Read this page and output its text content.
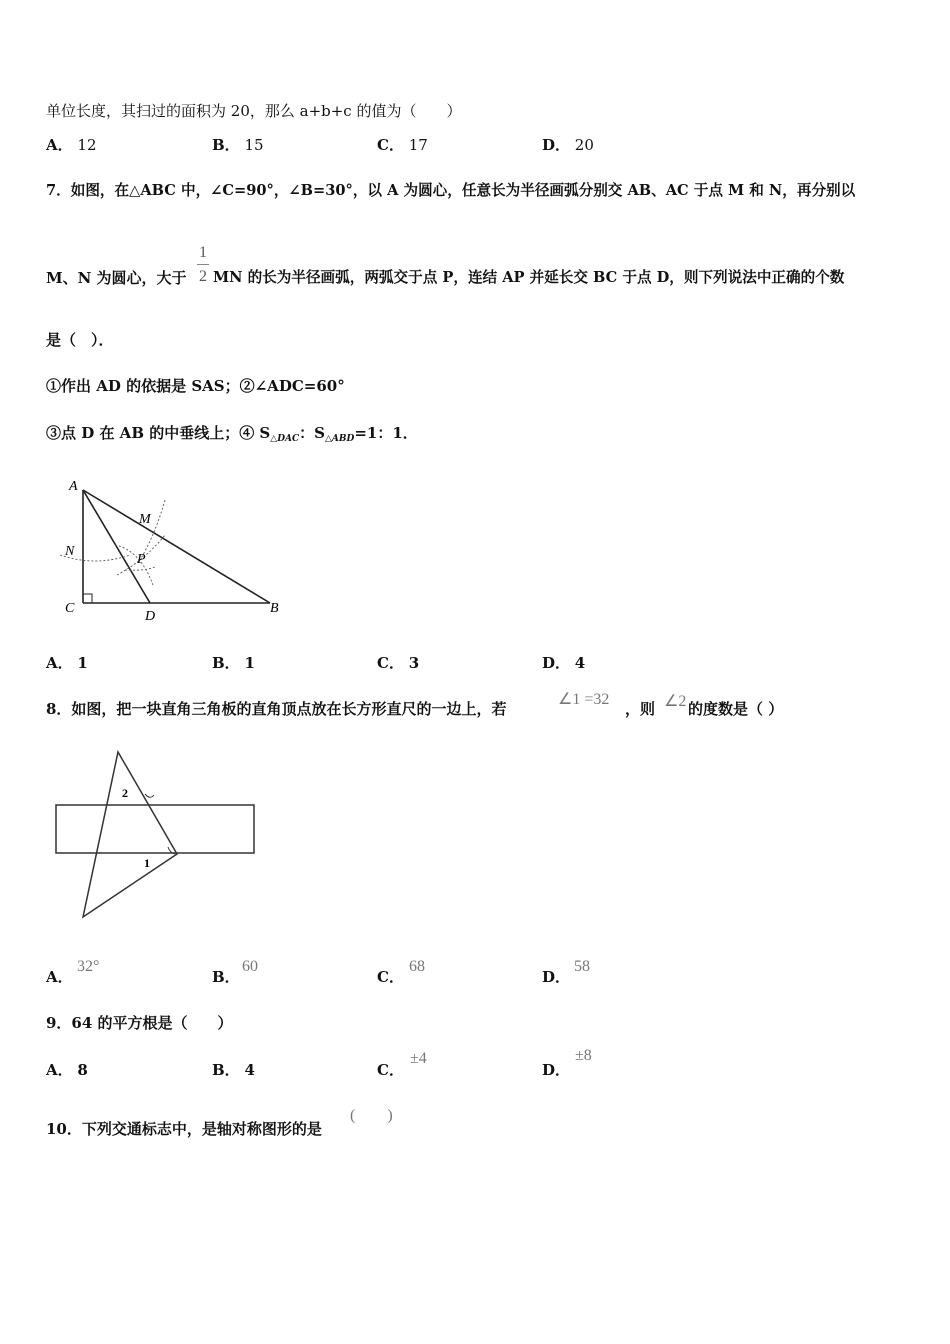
单位长度，其扫过的面积为 20，那么 a+b+c 的值为（　　）
A． 12	B． 15	C． 17	D． 20
7．如图，在△ABC 中，∠C=90°，∠B=30°，以 A 为圆心，任意长为半径画弧分别交 AB、AC 于点 M 和 N，再分别以
1
2
M、N 为圆心，大于 MN 的长为半径画弧，两弧交于点 P，连结 AP 并延长交 BC 于点 D，则下列说法中正确的个数
是（　）．
①作出 AD 的依据是 SAS；②∠ADC=60°
③点 D 在 AB 的中垂线上；④ $S_{\triangle DAC}$：$S_{\triangle ABD}=1$：1．
A
M
N
P
C
D
B
A． 1	B． 1	C． 3	D． 4
8．如图，把一块直角三角板的直角顶点放在长方形直尺的一边上，若
∠1 =32
，则 ∠2 的度数是（ ）
2
1
A．
32°
B．
60
C．
68
D．
58
9．64 的平方根是（　　）
A． 8	B． 4	C．
±4
D．
±8
10．下列交通标志中，是轴对称图形的是
(　　)
